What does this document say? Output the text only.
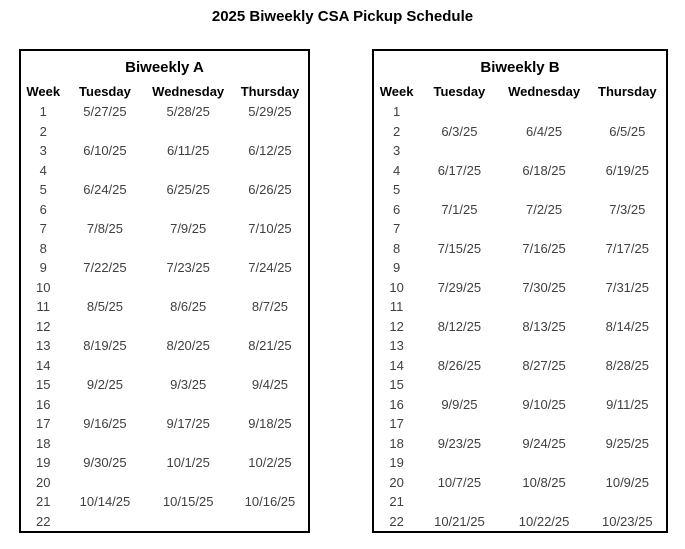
2025 Biweekly CSA Pickup Schedule
Biweekly A
Week	Tuesday	Wednesday	Thursday
1	5/27/25	5/28/25	5/29/25
2			
3	6/10/25	6/11/25	6/12/25
4			
5	6/24/25	6/25/25	6/26/25
6			
7	7/8/25	7/9/25	7/10/25
8			
9	7/22/25	7/23/25	7/24/25
10			
11	8/5/25	8/6/25	8/7/25
12			
13	8/19/25	8/20/25	8/21/25
14			
15	9/2/25	9/3/25	9/4/25
16			
17	9/16/25	9/17/25	9/18/25
18			
19	9/30/25	10/1/25	10/2/25
20			
21	10/14/25	10/15/25	10/16/25
22			
Biweekly B
Week	Tuesday	Wednesday	Thursday
1			
2	6/3/25	6/4/25	6/5/25
3			
4	6/17/25	6/18/25	6/19/25
5			
6	7/1/25	7/2/25	7/3/25
7			
8	7/15/25	7/16/25	7/17/25
9			
10	7/29/25	7/30/25	7/31/25
11			
12	8/12/25	8/13/25	8/14/25
13			
14	8/26/25	8/27/25	8/28/25
15			
16	9/9/25	9/10/25	9/11/25
17			
18	9/23/25	9/24/25	9/25/25
19			
20	10/7/25	10/8/25	10/9/25
21			
22	10/21/25	10/22/25	10/23/25
